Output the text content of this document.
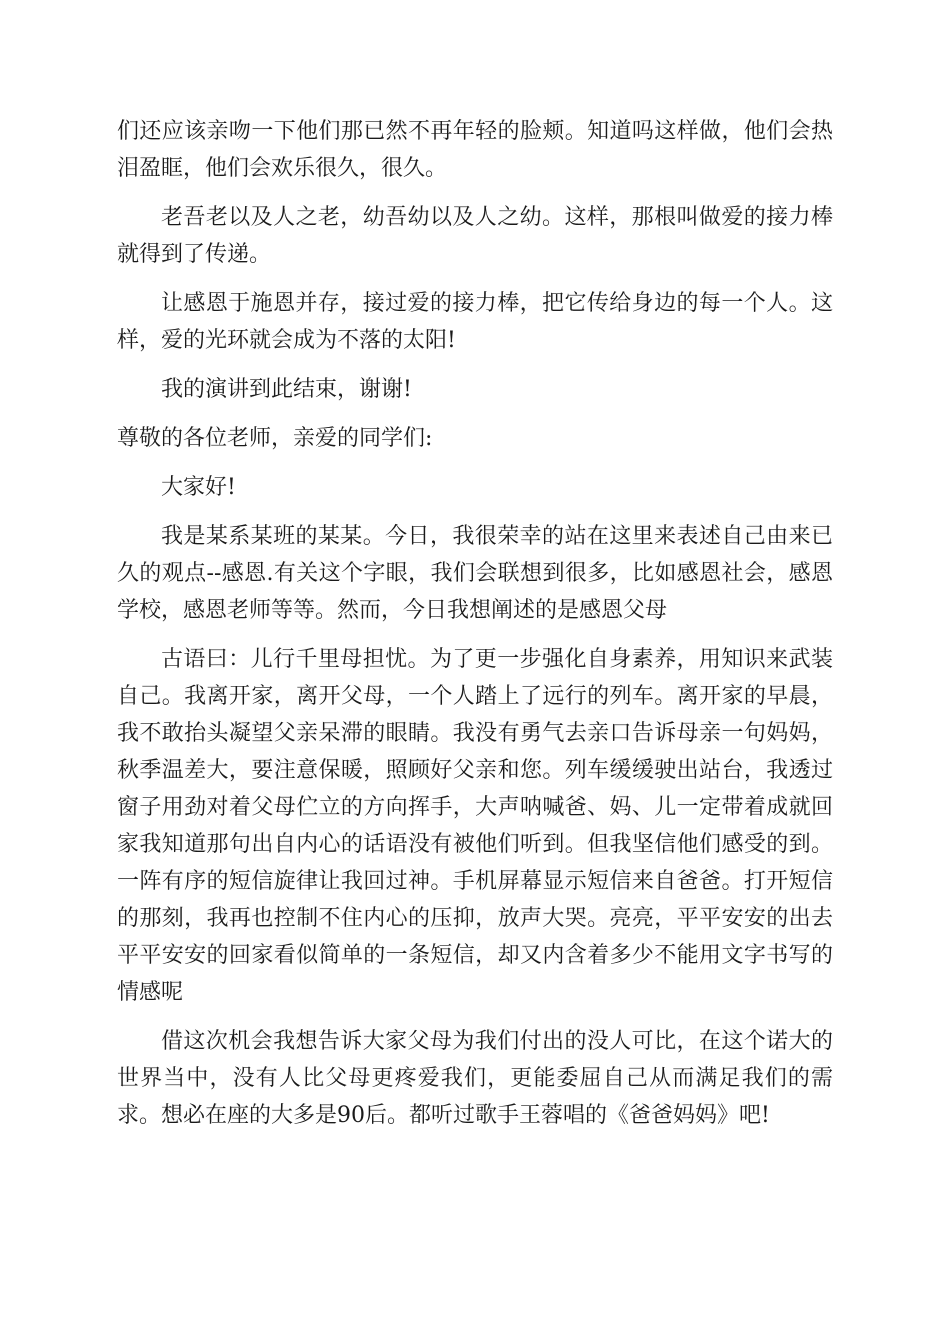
们还应该亲吻一下他们那已然不再年轻的脸颊。知道吗这样做，他们会热泪盈眶，他们会欢乐很久，很久。

老吾老以及人之老，幼吾幼以及人之幼。这样，那根叫做爱的接力棒就得到了传递。

让感恩于施恩并存，接过爱的接力棒，把它传给身边的每一个人。这样，爱的光环就会成为不落的太阳!

我的演讲到此结束，谢谢!

尊敬的各位老师，亲爱的同学们:

大家好!

我是某系某班的某某。今日，我很荣幸的站在这里来表述自己由来已久的观点--感恩.有关这个字眼，我们会联想到很多，比如感恩社会，感恩学校，感恩老师等等。然而，今日我想阐述的是感恩父母

古语曰：儿行千里母担忧。为了更一步强化自身素养，用知识来武装自己。我离开家，离开父母，一个人踏上了远行的列车。离开家的早晨，我不敢抬头凝望父亲呆滞的眼睛。我没有勇气去亲口告诉母亲一句妈妈，秋季温差大，要注意保暖，照顾好父亲和您。列车缓缓驶出站台，我透过窗子用劲对着父母伫立的方向挥手，大声呐喊爸、妈、儿一定带着成就回家我知道那句出自内心的话语没有被他们听到。但我坚信他们感受的到。一阵有序的短信旋律让我回过神。手机屏幕显示短信来自爸爸。打开短信的那刻，我再也控制不住内心的压抑，放声大哭。亮亮，平平安安的出去平平安安的回家看似简单的一条短信，却又内含着多少不能用文字书写的情感呢

借这次机会我想告诉大家父母为我们付出的没人可比，在这个诺大的世界当中，没有人比父母更疼爱我们，更能委屈自己从而满足我们的需求。想必在座的大多是90后。都听过歌手王蓉唱的《爸爸妈妈》吧!
